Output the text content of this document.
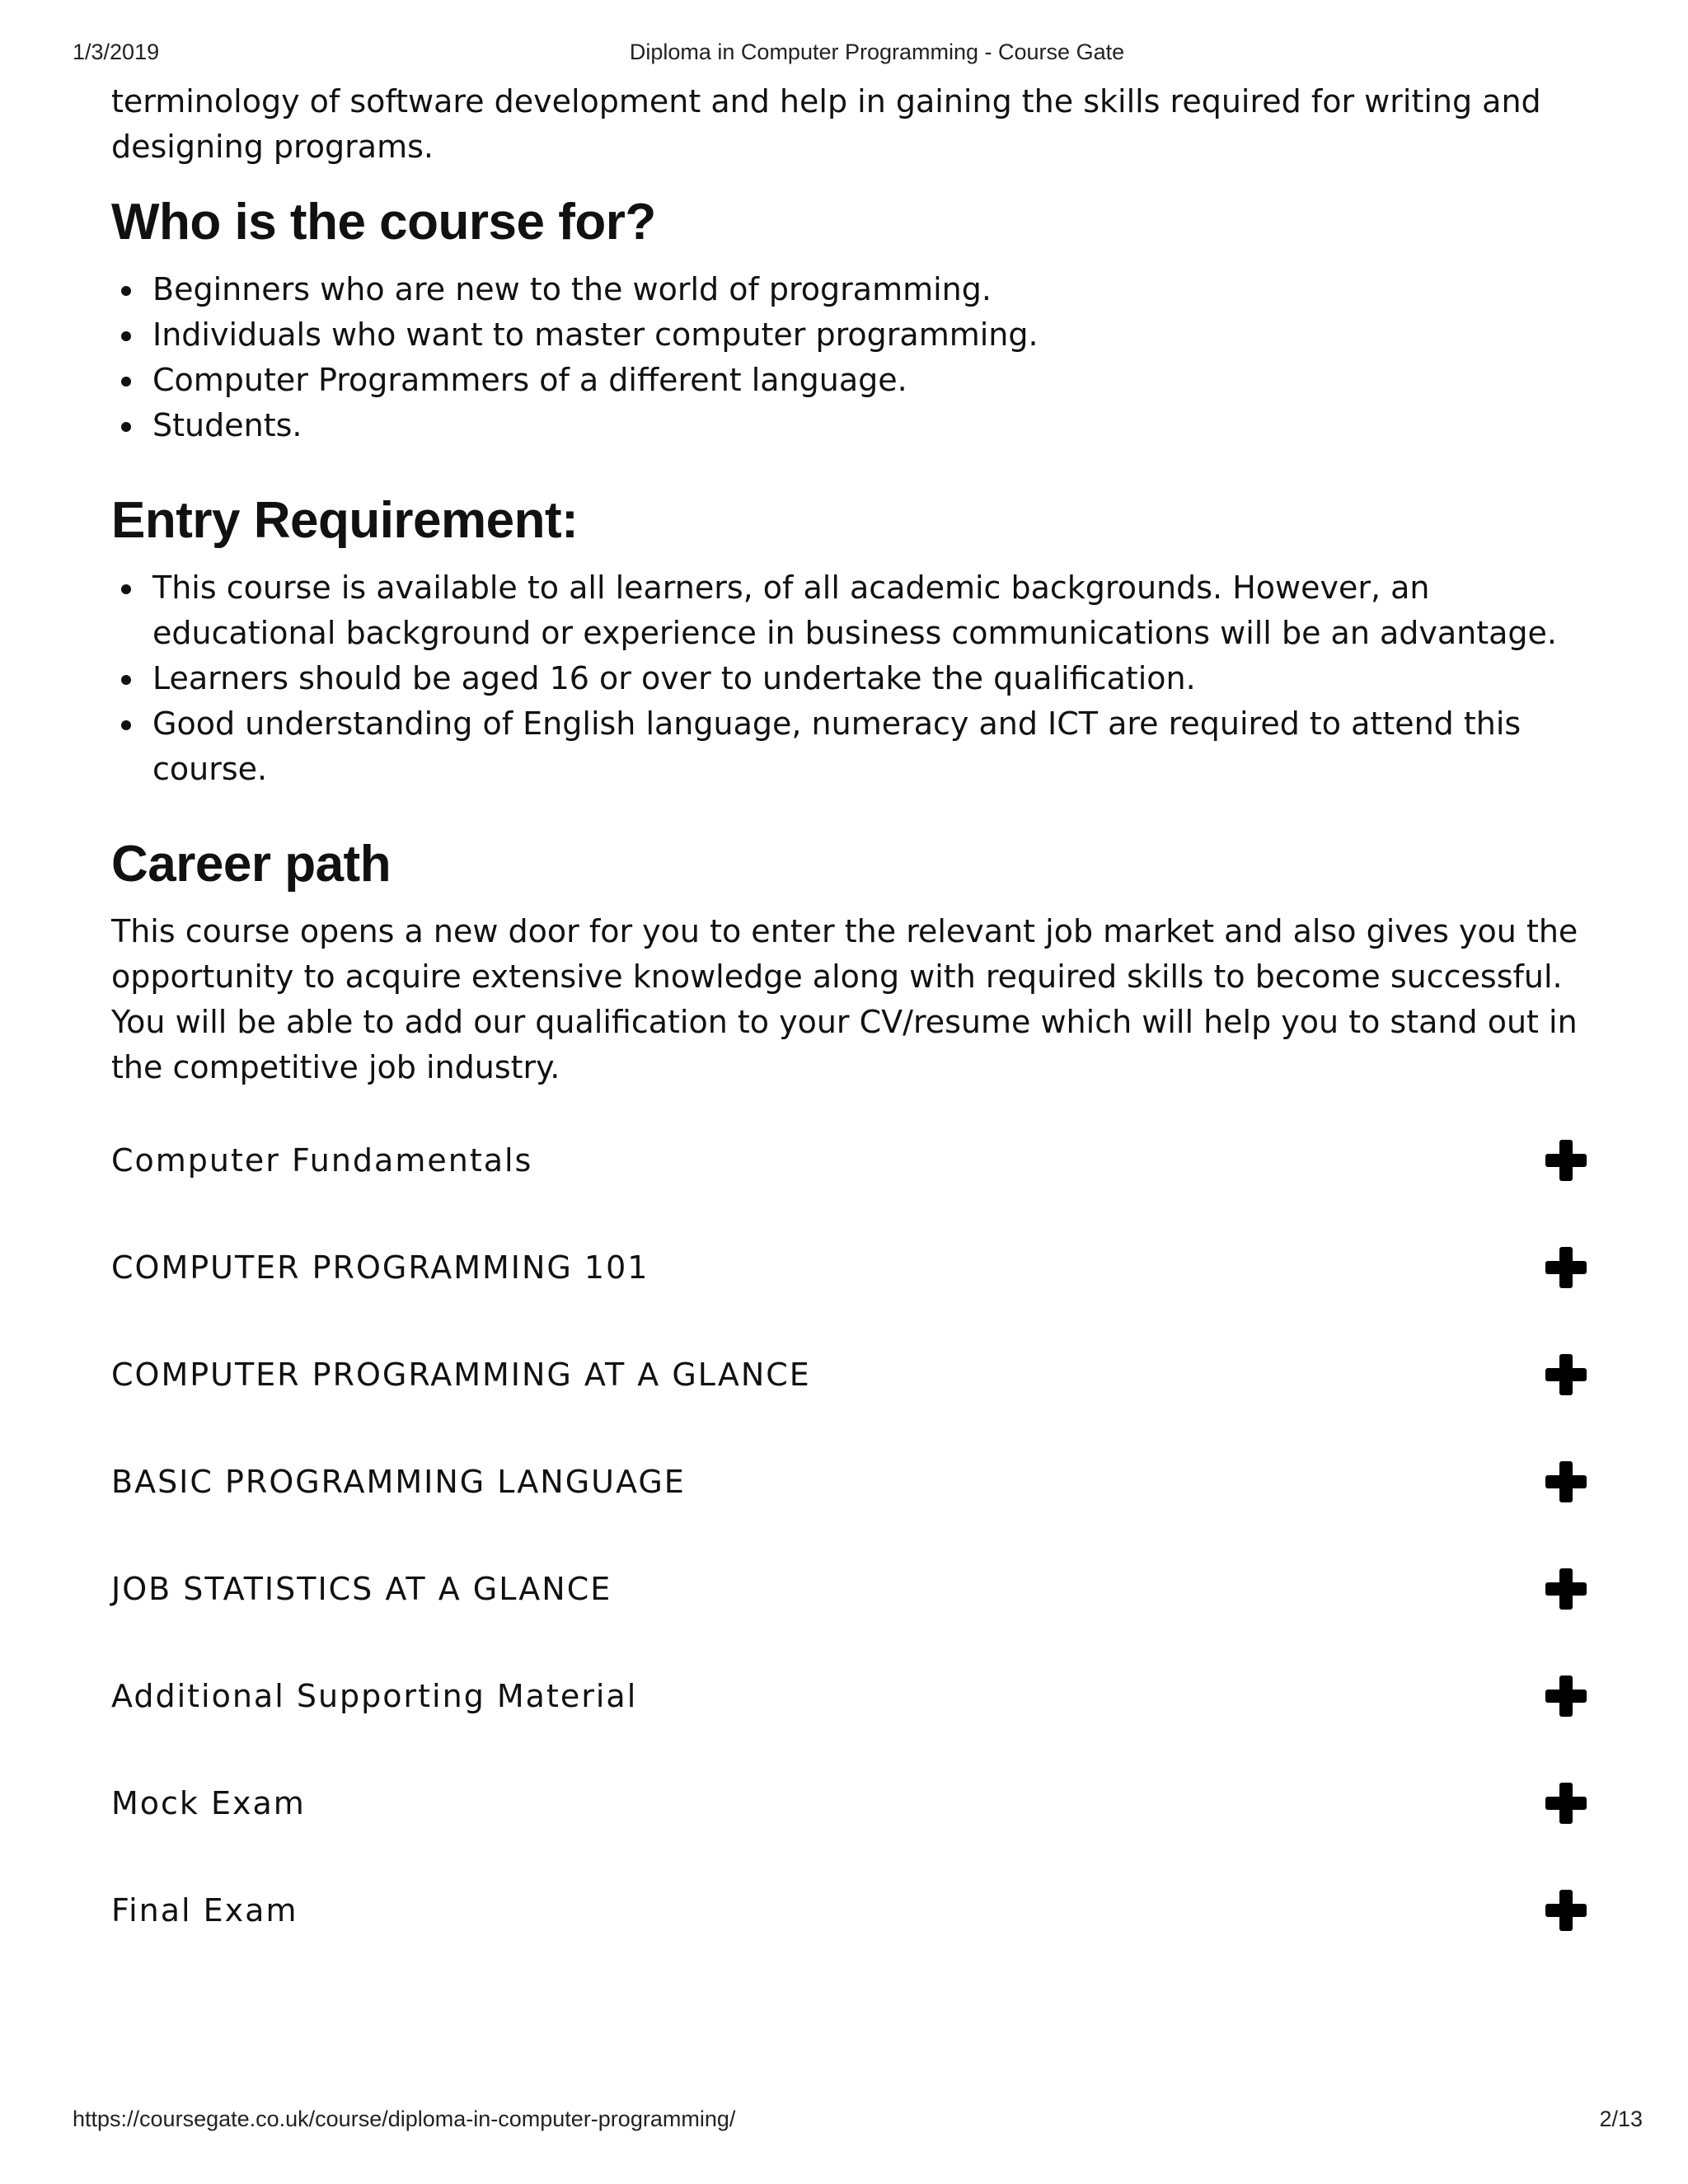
1/3/2019	Diploma in Computer Programming - Course Gate

terminology of software development and help in gaining the skills required for writing and designing programs.

Who is the course for?
Beginners who are new to the world of programming.
Individuals who want to master computer programming.
Computer Programmers of a different language.
Students.
Entry Requirement:
This course is available to all learners, of all academic backgrounds. However, an educational background or experience in business communications will be an advantage.
Learners should be aged 16 or over to undertake the qualification.
Good understanding of English language, numeracy and ICT are required to attend this course.
Career path

This course opens a new door for you to enter the relevant job market and also gives you the opportunity to acquire extensive knowledge along with required skills to become successful. You will be able to add our qualification to your CV/resume which will help you to stand out in the competitive job industry.

Computer Fundamentals
COMPUTER PROGRAMMING 101
COMPUTER PROGRAMMING AT A GLANCE
BASIC PROGRAMMING LANGUAGE
JOB STATISTICS AT A GLANCE
Additional Supporting Material
Mock Exam
Final Exam
https://coursegate.co.uk/course/diploma-in-computer-programming/	2/13
